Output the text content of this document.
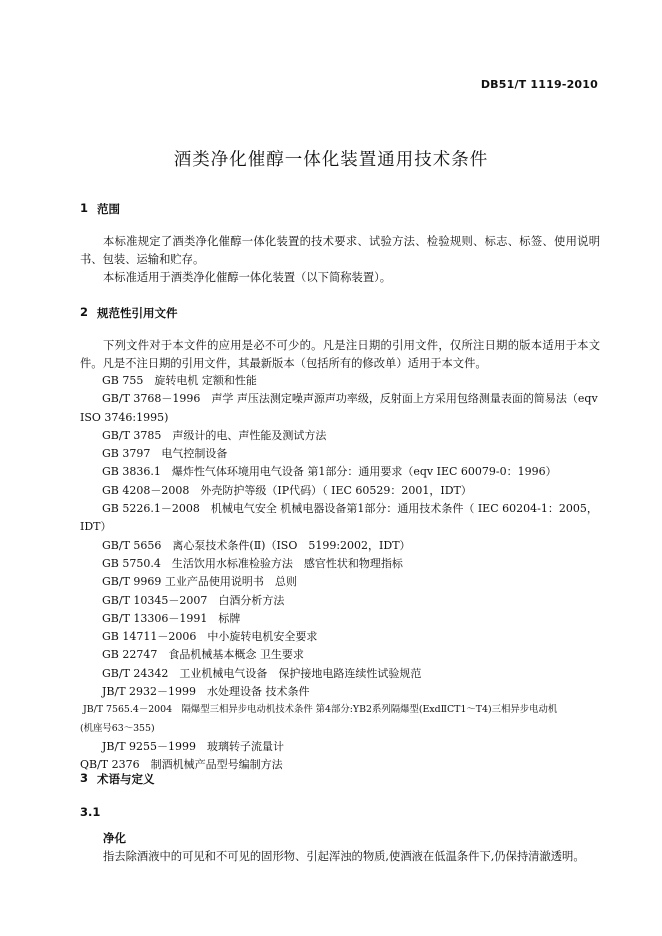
DB51/T 1119-2010
酒类净化催醇一体化装置通用技术条件
1 范围
本标准规定了酒类净化催醇一体化装置的技术要求、试验方法、检验规则、标志、标签、使用说明书、包装、运输和贮存。
本标准适用于酒类净化催醇一体化装置（以下简称装置）。
2 规范性引用文件
下列文件对于本文件的应用是必不可少的。凡是注日期的引用文件，仅所注日期的版本适用于本文件。凡是不注日期的引用文件，其最新版本（包括所有的修改单）适用于本文件。
GB 755　旋转电机 定额和性能
GB/T 3768－1996　声学 声压法测定噪声源声功率级，反射面上方采用包络测量表面的简易法（eqv
ISO 3746:1995)
GB/T 3785　声级计的电、声性能及测试方法
GB 3797　电气控制设备
GB 3836.1　爆炸性气体环境用电气设备 第1部分：通用要求（eqv IEC 60079-0：1996）
GB 4208－2008　外壳防护等级（IP代码）（ IEC 60529：2001，IDT）
GB 5226.1－2008　机械电气安全 机械电器设备第1部分：通用技术条件（ IEC 60204-1：2005，
IDT）
GB/T 5656　离心泵技术条件(Ⅱ)（ISO　5199:2002，IDT）
GB 5750.4　生活饮用水标准检验方法　感官性状和物理指标
GB/T 9969 工业产品使用说明书　总则
GB/T 10345－2007　白酒分析方法
GB/T 13306－1991　标牌
GB 14711－2006　中小旋转电机安全要求
GB 22747　食品机械基本概念 卫生要求
GB/T 24342　工业机械电气设备　保护接地电路连续性试验规范
JB/T 2932－1999　水处理设备 技术条件
JB/T 7565.4－2004　隔爆型三相异步电动机技术条件 第4部分:YB2系列隔爆型(ExdⅡCT1～T4)三相异步电动机
(机座号63～355)
JB/T 9255－1999　玻璃转子流量计
QB/T 2376　制酒机械产品型号编制方法
3 术语与定义
3.1
净化
指去除酒液中的可见和不可见的固形物、引起浑浊的物质,使酒液在低温条件下,仍保持清澈透明。
